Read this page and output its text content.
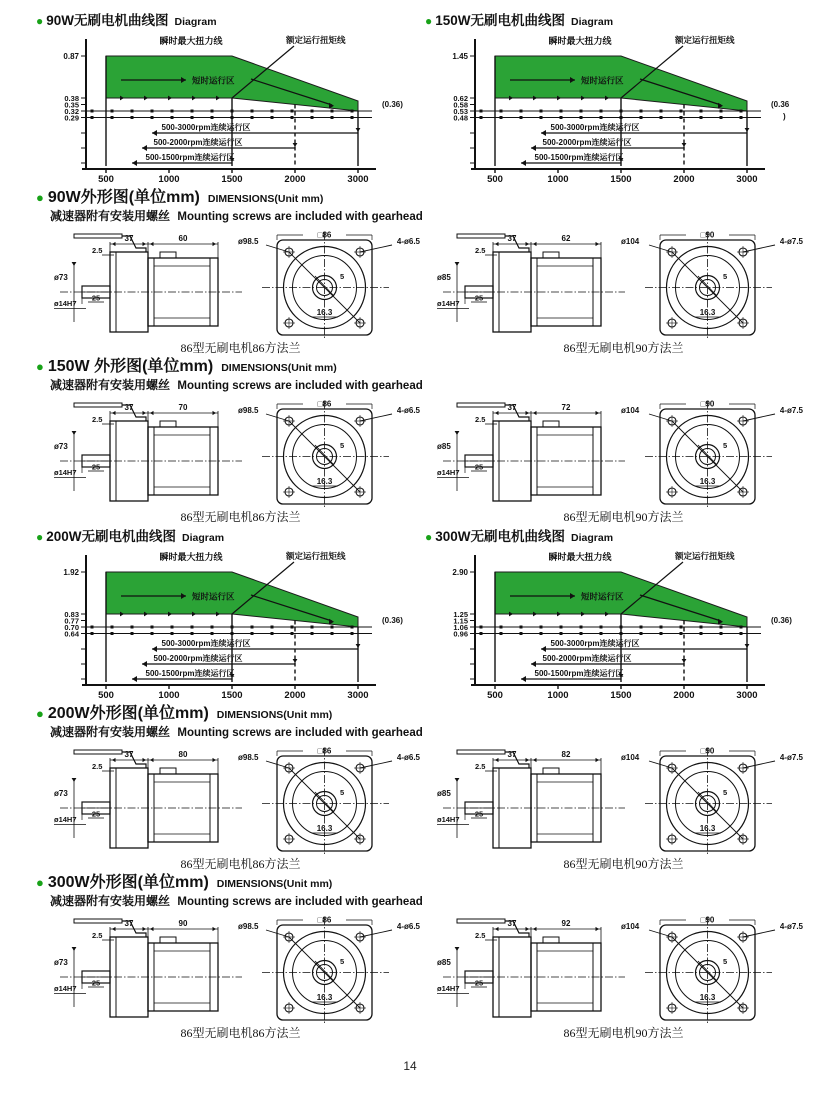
● 90W无刷电机曲线图 Diagram
500-3000rpm连续运行区
500-2000rpm连续运行区
500-1500rpm连续运行区
0.87
0.38
0.35
0.32
0.29
500	1000	1500	2000	3000
瞬时最大扭力线
短时运行区
额定运行扭矩线
(0.36)
● 150W无刷电机曲线图 Diagram
500-3000rpm连续运行区
500-2000rpm连续运行区
500-1500rpm连续运行区
1.45
0.62
0.58
0.53
0.48
500	1000	1500	2000	3000
瞬时最大扭力线
短时运行区
额定运行扭矩线
(0.36
)
● 90W外形图(单位mm) DIMENSIONS(Unit mm)
减速器附有安装用螺丝 Mounting screws are included with gearhead
37	60
2.5
ø73
ø14H7
25
□86
ø98.5	4-ø6.5
5
16.3
86型无刷电机86方法兰
37	62
2.5
ø85
ø14H7
25
□90
ø104	4-ø7.5
5
16.3
86型无刷电机90方法兰
● 150W 外形图(单位mm) DIMENSIONS(Unit mm)
减速器附有安装用螺丝 Mounting screws are included with gearhead
37	70
2.5
ø73
ø14H7
25
□86
ø98.5	4-ø6.5
5
16.3
86型无刷电机86方法兰
37	72
2.5
ø85
ø14H7
25
□90
ø104	4-ø7.5
5
16.3
86型无刷电机90方法兰
● 200W无刷电机曲线图 Diagram
500-3000rpm连续运行区
500-2000rpm连续运行区
500-1500rpm连续运行区
1.92
0.83
0.77
0.70
0.64
500	1000	1500	2000	3000
瞬时最大扭力线
短时运行区
额定运行扭矩线
(0.36)
● 300W无刷电机曲线图 Diagram
500-3000rpm连续运行区
500-2000rpm连续运行区
500-1500rpm连续运行区
2.90
1.25
1.15
1.06
0.96
500	1000	1500	2000	3000
瞬时最大扭力线
短时运行区
额定运行扭矩线
(0.36)
● 200W外形图(单位mm) DIMENSIONS(Unit mm)
减速器附有安装用螺丝 Mounting screws are included with gearhead
37	80
2.5
ø73
ø14H7
25
□86
ø98.5	4-ø6.5
5
16.3
86型无刷电机86方法兰
37	82
2.5
ø85
ø14H7
25
□90
ø104	4-ø7.5
5
16.3
86型无刷电机90方法兰
● 300W外形图(单位mm) DIMENSIONS(Unit mm)
减速器附有安装用螺丝 Mounting screws are included with gearhead
37	90
2.5
ø73
ø14H7
25
□86
ø98.5	4-ø6.5
5
16.3
86型无刷电机86方法兰
37	92
2.5
ø85
ø14H7
25
□90
ø104	4-ø7.5
5
16.3
86型无刷电机90方法兰
14
